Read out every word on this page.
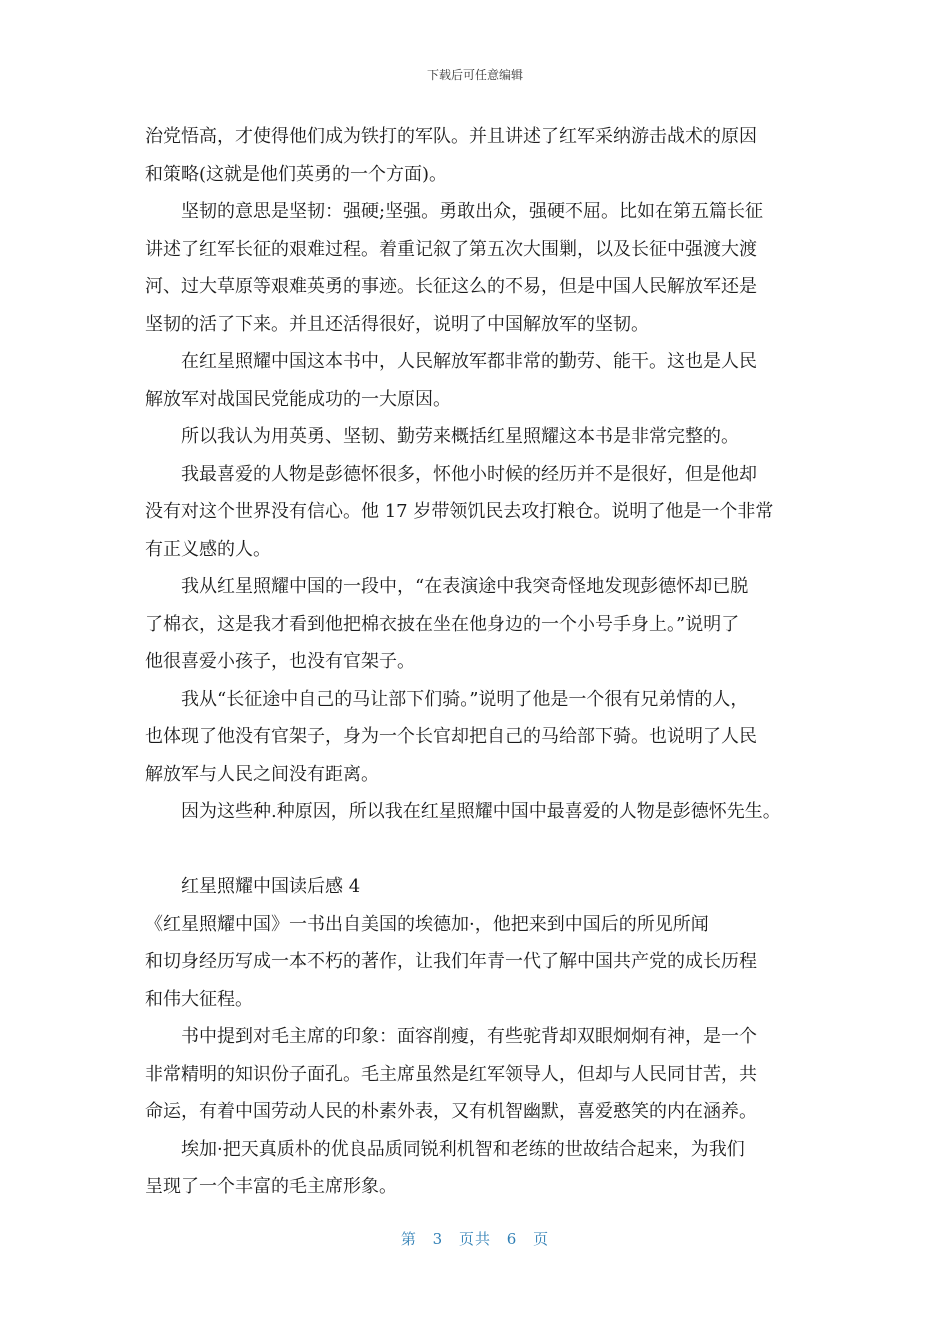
下载后可任意编辑
治党悟高，才使得他们成为铁打的军队。并且讲述了红军采纳游击战术的原因
和策略(这就是他们英勇的一个方面)。
坚韧的意思是坚韧：强硬;坚强。勇敢出众，强硬不屈。比如在第五篇长征
讲述了红军长征的艰难过程。着重记叙了第五次大围剿，以及长征中强渡大渡
河、过大草原等艰难英勇的事迹。长征这么的不易，但是中国人民解放军还是
坚韧的活了下来。并且还活得很好，说明了中国解放军的坚韧。
在红星照耀中国这本书中，人民解放军都非常的勤劳、能干。这也是人民
解放军对战国民党能成功的一大原因。
所以我认为用英勇、坚韧、勤劳来概括红星照耀这本书是非常完整的。
我最喜爱的人物是彭德怀很多，怀他小时候的经历并不是很好，但是他却
没有对这个世界没有信心。他 17 岁带领饥民去攻打粮仓。说明了他是一个非常
有正义感的人。
我从红星照耀中国的一段中，“在表演途中我突奇怪地发现彭德怀却已脱
了棉衣，这是我才看到他把棉衣披在坐在他身边的一个小号手身上。”说明了
他很喜爱小孩子，也没有官架子。
我从“长征途中自己的马让部下们骑。”说明了他是一个很有兄弟情的人，
也体现了他没有官架子，身为一个长官却把自己的马给部下骑。也说明了人民
解放军与人民之间没有距离。
因为这些种.种原因，所以我在红星照耀中国中最喜爱的人物是彭德怀先生。
红星照耀中国读后感 4
《红星照耀中国》一书出自美国的埃德加·，他把来到中国后的所见所闻
和切身经历写成一本不朽的著作，让我们年青一代了解中国共产党的成长历程
和伟大征程。
书中提到对毛主席的印象：面容削瘦，有些驼背却双眼炯炯有神，是一个
非常精明的知识份子面孔。毛主席虽然是红军领导人，但却与人民同甘苦，共
命运，有着中国劳动人民的朴素外表，又有机智幽默，喜爱憨笑的内在涵养。
埃加·把天真质朴的优良品质同锐利机智和老练的世故结合起来，为我们
呈现了一个丰富的毛主席形象。
第 3 页共 6 页
